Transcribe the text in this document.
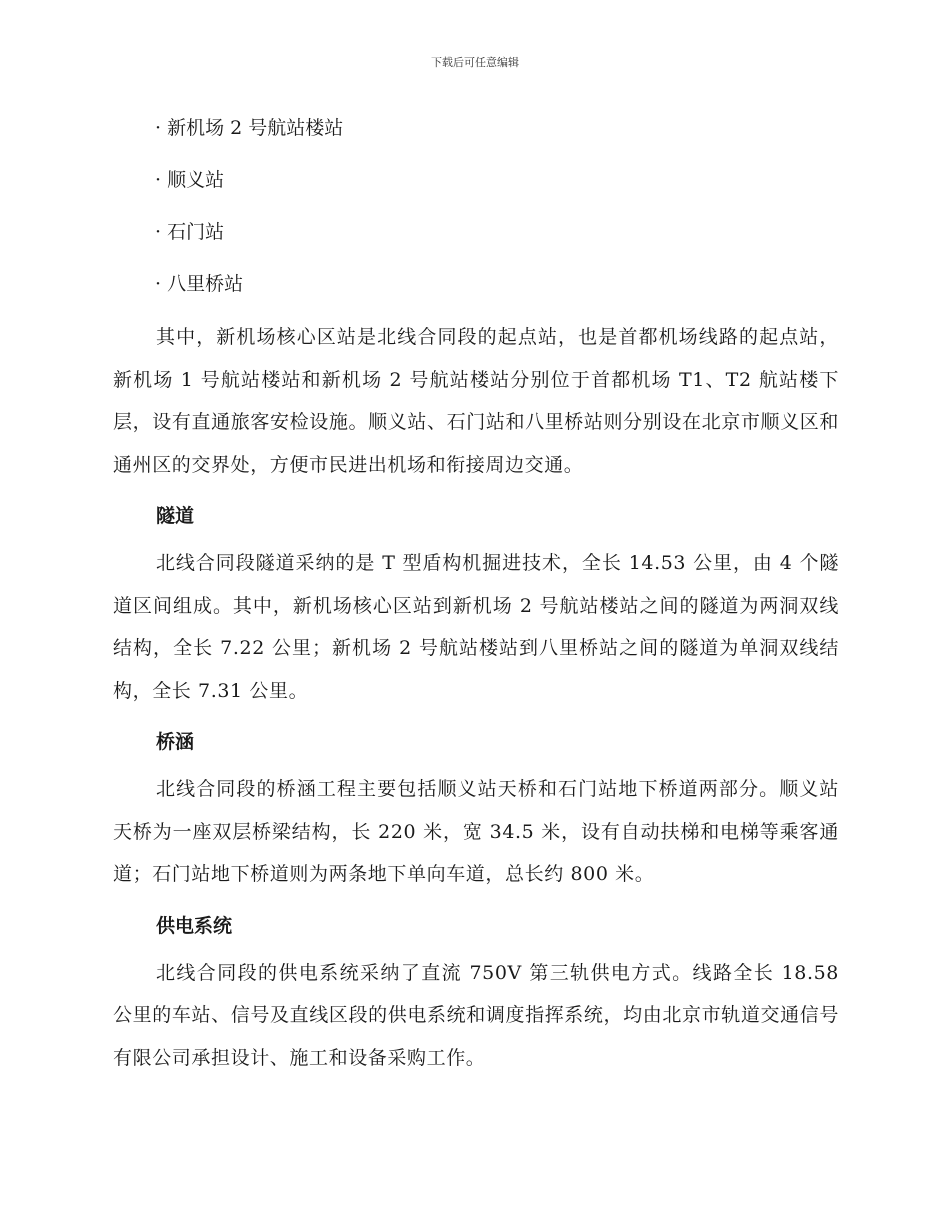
下载后可任意编辑
· 新机场 2 号航站楼站
· 顺义站
· 石门站
· 八里桥站

其中，新机场核心区站是北线合同段的起点站，也是首都机场线路的起点站，新机场 1 号航站楼站和新机场 2 号航站楼站分别位于首都机场 T1、T2 航站楼下层，设有直通旅客安检设施。顺义站、石门站和八里桥站则分别设在北京市顺义区和通州区的交界处，方便市民进出机场和衔接周边交通。

隧道

北线合同段隧道采纳的是 T 型盾构机掘进技术，全长 14.53 公里，由 4 个隧道区间组成。其中，新机场核心区站到新机场 2 号航站楼站之间的隧道为两洞双线结构，全长 7.22 公里；新机场 2 号航站楼站到八里桥站之间的隧道为单洞双线结构，全长 7.31 公里。

桥涵

北线合同段的桥涵工程主要包括顺义站天桥和石门站地下桥道两部分。顺义站天桥为一座双层桥梁结构，长 220 米，宽 34.5 米，设有自动扶梯和电梯等乘客通道；石门站地下桥道则为两条地下单向车道，总长约 800 米。

供电系统

北线合同段的供电系统采纳了直流 750V 第三轨供电方式。线路全长 18.58 公里的车站、信号及直线区段的供电系统和调度指挥系统，均由北京市轨道交通信号有限公司承担设计、施工和设备采购工作。
